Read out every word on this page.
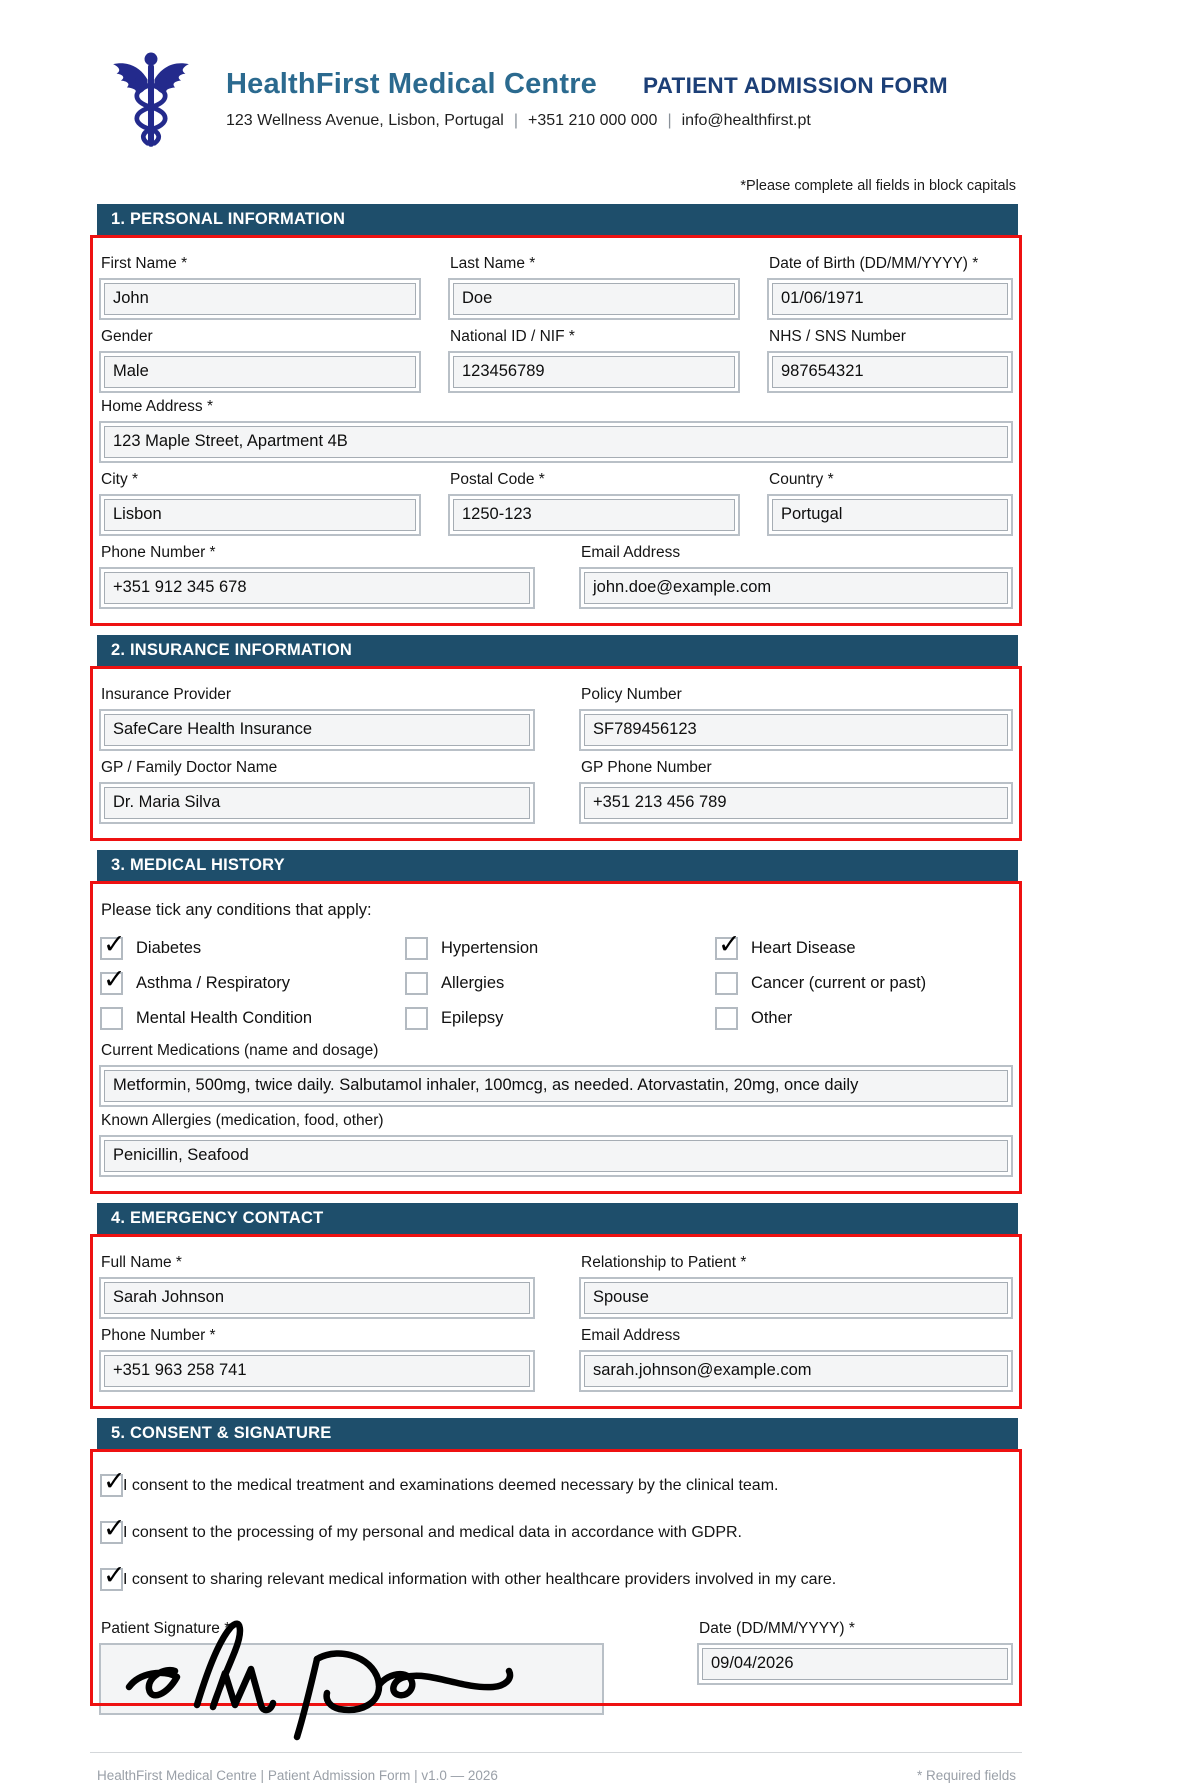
HealthFirst Medical Centre PATIENT ADMISSION FORM
123 Wellness Avenue, Lisbon, Portugal | +351 210 000 000 | info@healthfirst.pt
*Please complete all fields in block capitals
1. PERSONAL INFORMATION
First Name *
John
Last Name *
Doe
Date of Birth (DD/MM/YYYY) *
01/06/1971
Gender
Male
National ID / NIF *
123456789
NHS / SNS Number
987654321
Home Address *
123 Maple Street, Apartment 4B
City *
Lisbon
Postal Code *
1250-123
Country *
Portugal
Phone Number *
+351 912 345 678
Email Address
john.doe@example.com
2. INSURANCE INFORMATION
Insurance Provider
SafeCare Health Insurance
Policy Number
SF789456123
GP / Family Doctor Name
Dr. Maria Silva
GP Phone Number
+351 213 456 789
3. MEDICAL HISTORY
Please tick any conditions that apply:
✓ Diabetes	Hypertension	✓ Heart Disease
✓ Asthma / Respiratory	Allergies	Cancer (current or past)
Mental Health Condition	Epilepsy	Other
Current Medications (name and dosage)
Metformin, 500mg, twice daily. Salbutamol inhaler, 100mcg, as needed. Atorvastatin, 20mg, once daily
Known Allergies (medication, food, other)
Penicillin, Seafood
4. EMERGENCY CONTACT
Full Name *
Sarah Johnson
Relationship to Patient *
Spouse
Phone Number *
+351 963 258 741
Email Address
sarah.johnson@example.com
5. CONSENT & SIGNATURE
✓
I consent to the medical treatment and examinations deemed necessary by the clinical team.
✓
I consent to the processing of my personal and medical data in accordance with GDPR.
✓
I consent to sharing relevant medical information with other healthcare providers involved in my care.
Patient Signature *	Date (DD/MM/YYYY) *
09/04/2026
HealthFirst Medical Centre | Patient Admission Form | v1.0 — 2026	* Required fields
